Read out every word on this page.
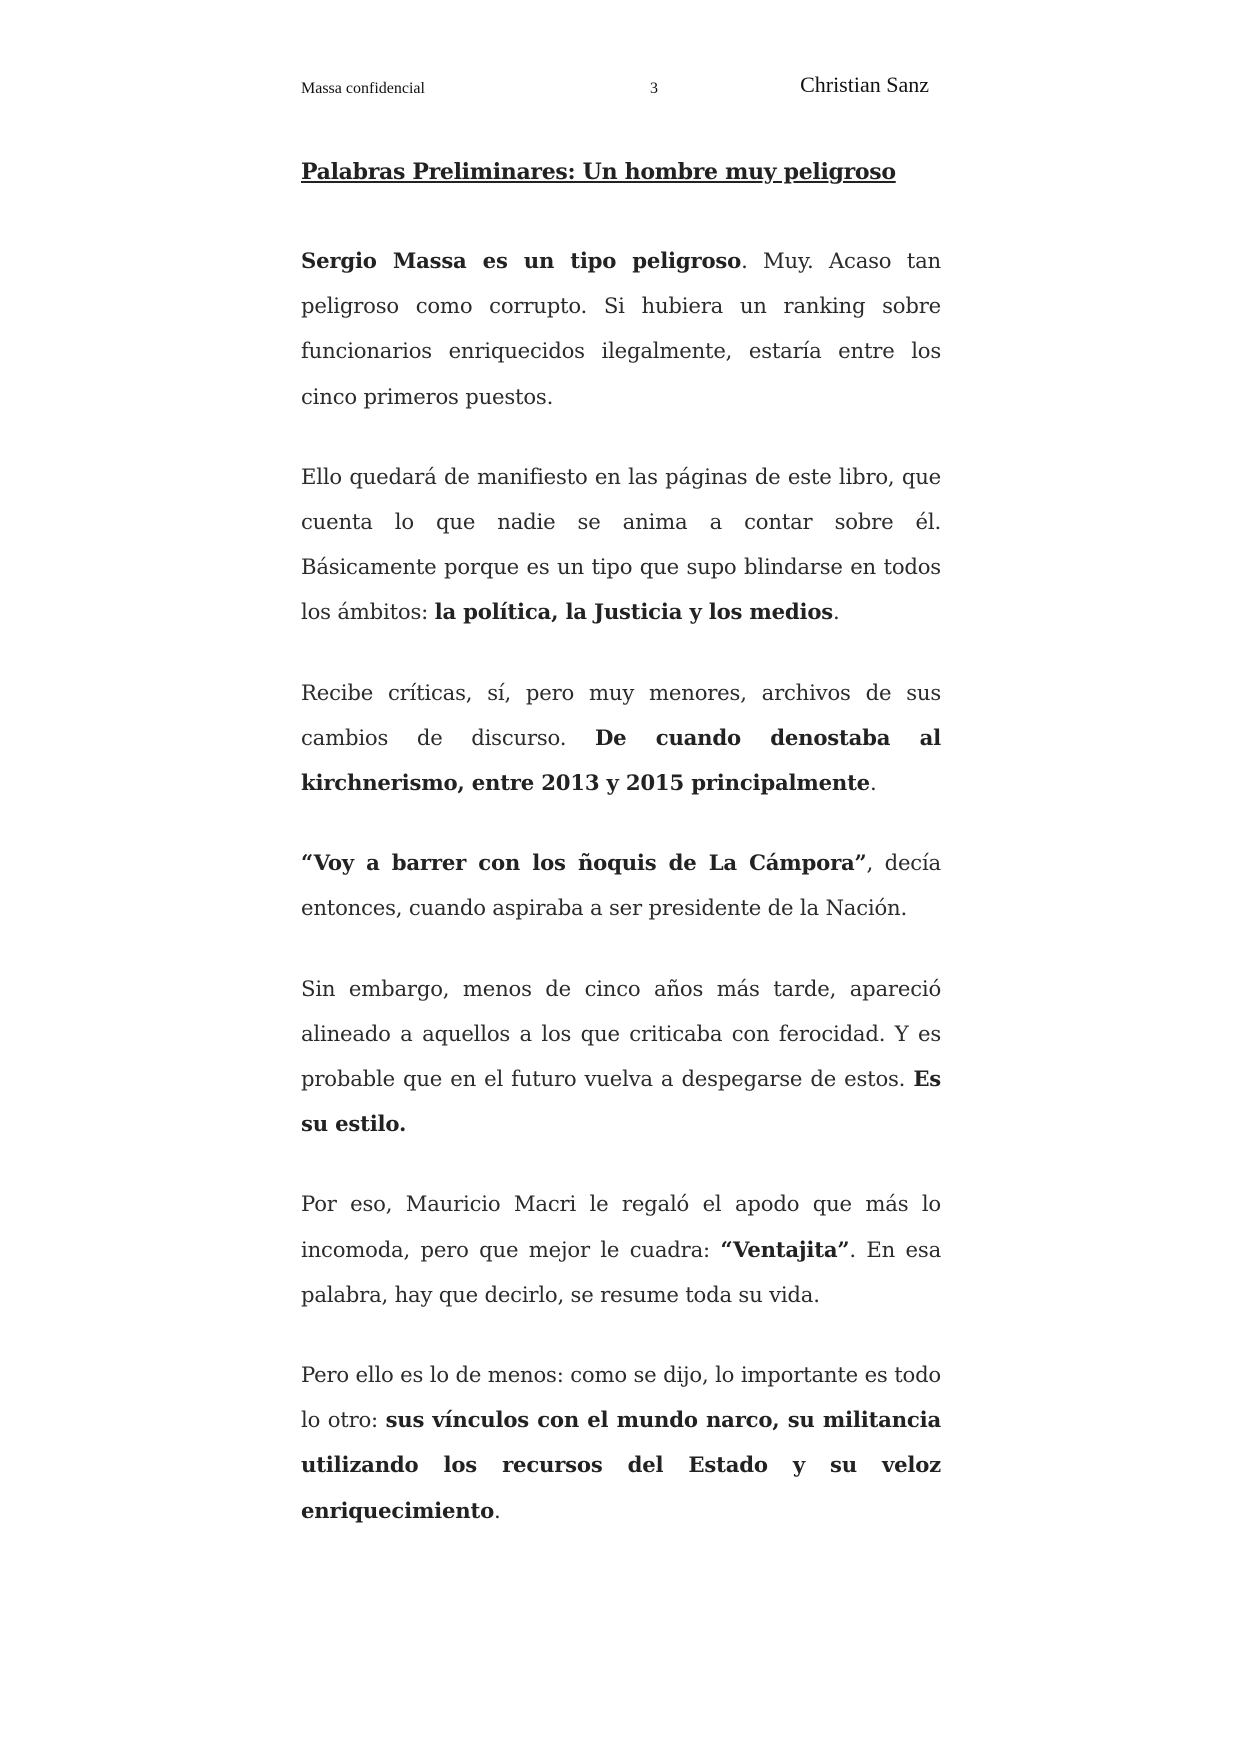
Massa confidencial	3	Christian Sanz
Palabras Preliminares: Un hombre muy peligroso

Sergio Massa es un tipo peligroso. Muy. Acaso tan peligroso como corrupto. Si hubiera un ranking sobre funcionarios enriquecidos ilegalmente, estaría entre los cinco primeros puestos.

Ello quedará de manifiesto en las páginas de este libro, que cuenta lo que nadie se anima a contar sobre él. Básicamente porque es un tipo que supo blindarse en todos los ámbitos: la política, la Justicia y los medios.

Recibe críticas, sí, pero muy menores, archivos de sus cambios de discurso. De cuando denostaba al kirchnerismo, entre 2013 y 2015 principalmente.

“Voy a barrer con los ñoquis de La Cámpora”, decía entonces, cuando aspiraba a ser presidente de la Nación.

Sin embargo, menos de cinco años más tarde, apareció alineado a aquellos a los que criticaba con ferocidad. Y es probable que en el futuro vuelva a despegarse de estos. Es su estilo.

Por eso, Mauricio Macri le regaló el apodo que más lo incomoda, pero que mejor le cuadra: “Ventajita”. En esa palabra, hay que decirlo, se resume toda su vida.

Pero ello es lo de menos: como se dijo, lo importante es todo lo otro: sus vínculos con el mundo narco, su militancia utilizando los recursos del Estado y su veloz enriquecimiento.
